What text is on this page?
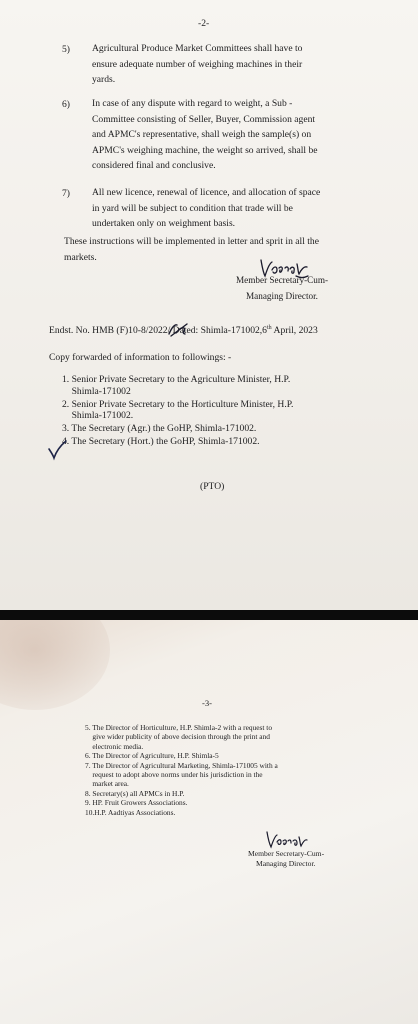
-2-
5) Agricultural Produce Market Committees shall have to
ensure adequate number of weighing machines in their
yards.
6) In case of any dispute with regard to weight, a Sub -
Committee consisting of Seller, Buyer, Commission agent
and APMC's representative, shall weigh the sample(s) on
APMC's weighing machine, the weight so arrived, shall be
considered final and conclusive.
7) All new licence, renewal of licence, and allocation of space
in yard will be subject to condition that trade will be
undertaken only on weighment basis.
These instructions will be implemented in letter and sprit in all the
markets.
Member Secretary-Cum-
Managing Director.
Endst. No. HMB (F)10-8/2022/ Dated: Shimla-171002,6th April, 2023
Copy forwarded of information to followings: -
1. Senior Private Secretary to the Agriculture Minister, H.P.
Shimla-171002
2. Senior Private Secretary to the Horticulture Minister, H.P.
Shimla-171002.
3. The Secretary (Agr.) the GoHP, Shimla-171002.
4. The Secretary (Hort.) the GoHP, Shimla-171002.
(PTO)
-3-
5. The Director of Horticulture, H.P. Shimla-2 with a request to
give wider publicity of above decision through the print and
electronic media.
6. The Director of Agriculture, H.P. Shimla-5
7. The Director of Agricultural Marketing, Shimla-171005 with a
request to adopt above norms under his jurisdiction in the
market area.
8. Secretary(s) all APMCs in H.P.
9. HP. Fruit Growers Associations.
10.H.P. Aadtiyas Associations.
Member Secretary-Cum-
Managing Director.
